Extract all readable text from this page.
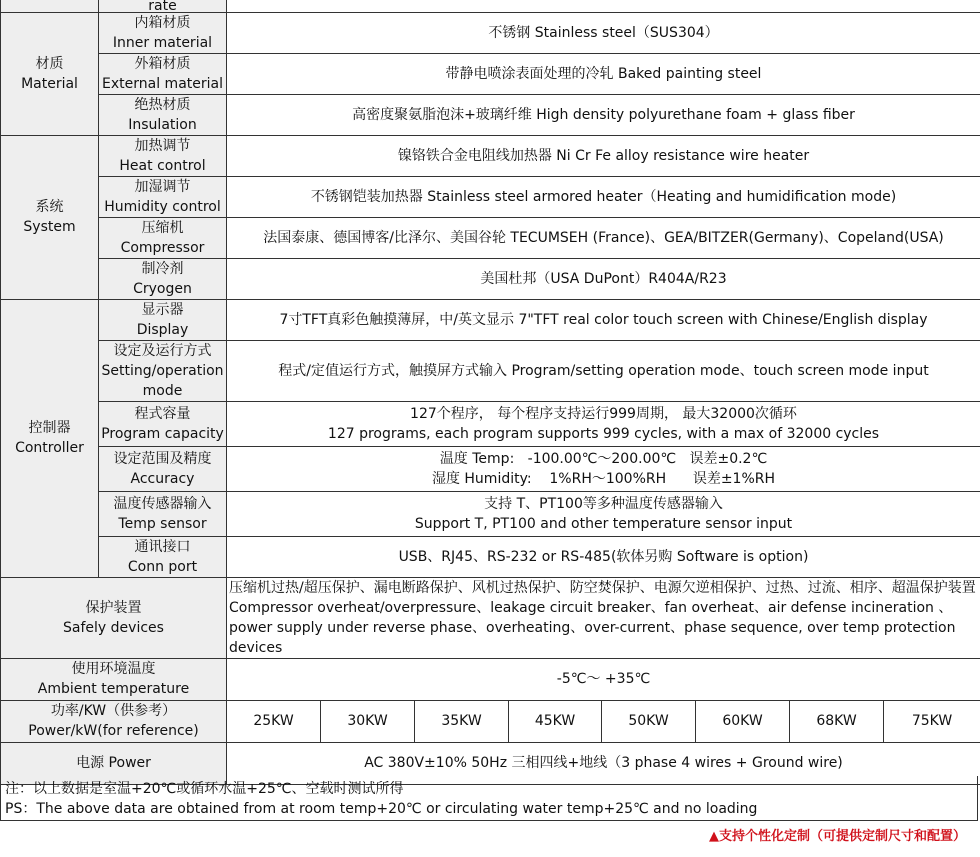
	rate								

材质
Material	内箱材质
Inner material	不锈钢 Stainless steel（SUS304）							

	外箱材质
External material	带静电喷涂表面处理的冷轧 Baked painting steel							

	绝热材质
Insulation	高密度聚氨脂泡沫+玻璃纤维 High density polyurethane foam + glass fiber							

系统
System	加热调节
Heat control	镍铬铁合金电阻线加热器 Ni Cr Fe alloy resistance wire heater							

	加湿调节
Humidity control	不锈钢铠装加热器 Stainless steel armored heater（Heating and humidification mode)							

	压缩机
Compressor	法国泰康、德国博客/比泽尔、美国谷轮 TECUMSEH (France)、GEA/BITZER(Germany)、Copeland(USA)							

	制冷剂
Cryogen	美国杜邦（USA DuPont）R404A/R23							

控制器
Controller	显示器
Display	7寸TFT真彩色触摸薄屏，中/英文显示 7"TFT real color touch screen with Chinese/English display							

	设定及运行方式
Setting/operation
mode	程式/定值运行方式，触摸屏方式输入 Program/setting operation mode、touch screen mode input							

	程式容量
Program capacity	127个程序， 每个程序支持运行999周期， 最大32000次循环
127 programs, each program supports 999 cycles, with a max of 32000 cycles							

	设定范围及精度
Accuracy	温度 Temp:   -100.00℃～200.00℃   误差±0.2℃
湿度 Humidity:    1%RH～100%RH      误差±1%RH							

	温度传感器输入
Temp sensor	支持 T、PT100等多种温度传感器输入
Support T, PT100 and other temperature sensor input							

	通讯接口
Conn port	USB、RJ45、RS-232 or RS-485(软体另购 Software is option)							

保护装置
Safely devices		压缩机过热/超压保护、漏电断路保护、风机过热保护、防空焚保护、电源欠逆相保护、过热、过流、相序、超温保护装置
Compressor overheat/overpressure、leakage circuit breaker、fan overheat、air defense incineration 、power supply under reverse phase、overheating、over-current、phase sequence, over temp protection devices							

使用环境温度
Ambient temperature		-5℃～ +35℃							

功率/KW（供参考）
Power/kW(for reference)		25KW	30KW	35KW	45KW	50KW	60KW	68KW	75KW
电源 Power		AC 380V±10% 50Hz 三相四线+地线（3 phase 4 wires + Ground wire)							
注：以上数据是室温+20℃或循环水温+25℃、空载时测试所得
PS：The above data are obtained from at room temp+20℃ or circulating water temp+25℃ and no loading
▲支持个性化定制（可提供定制尺寸和配置）
